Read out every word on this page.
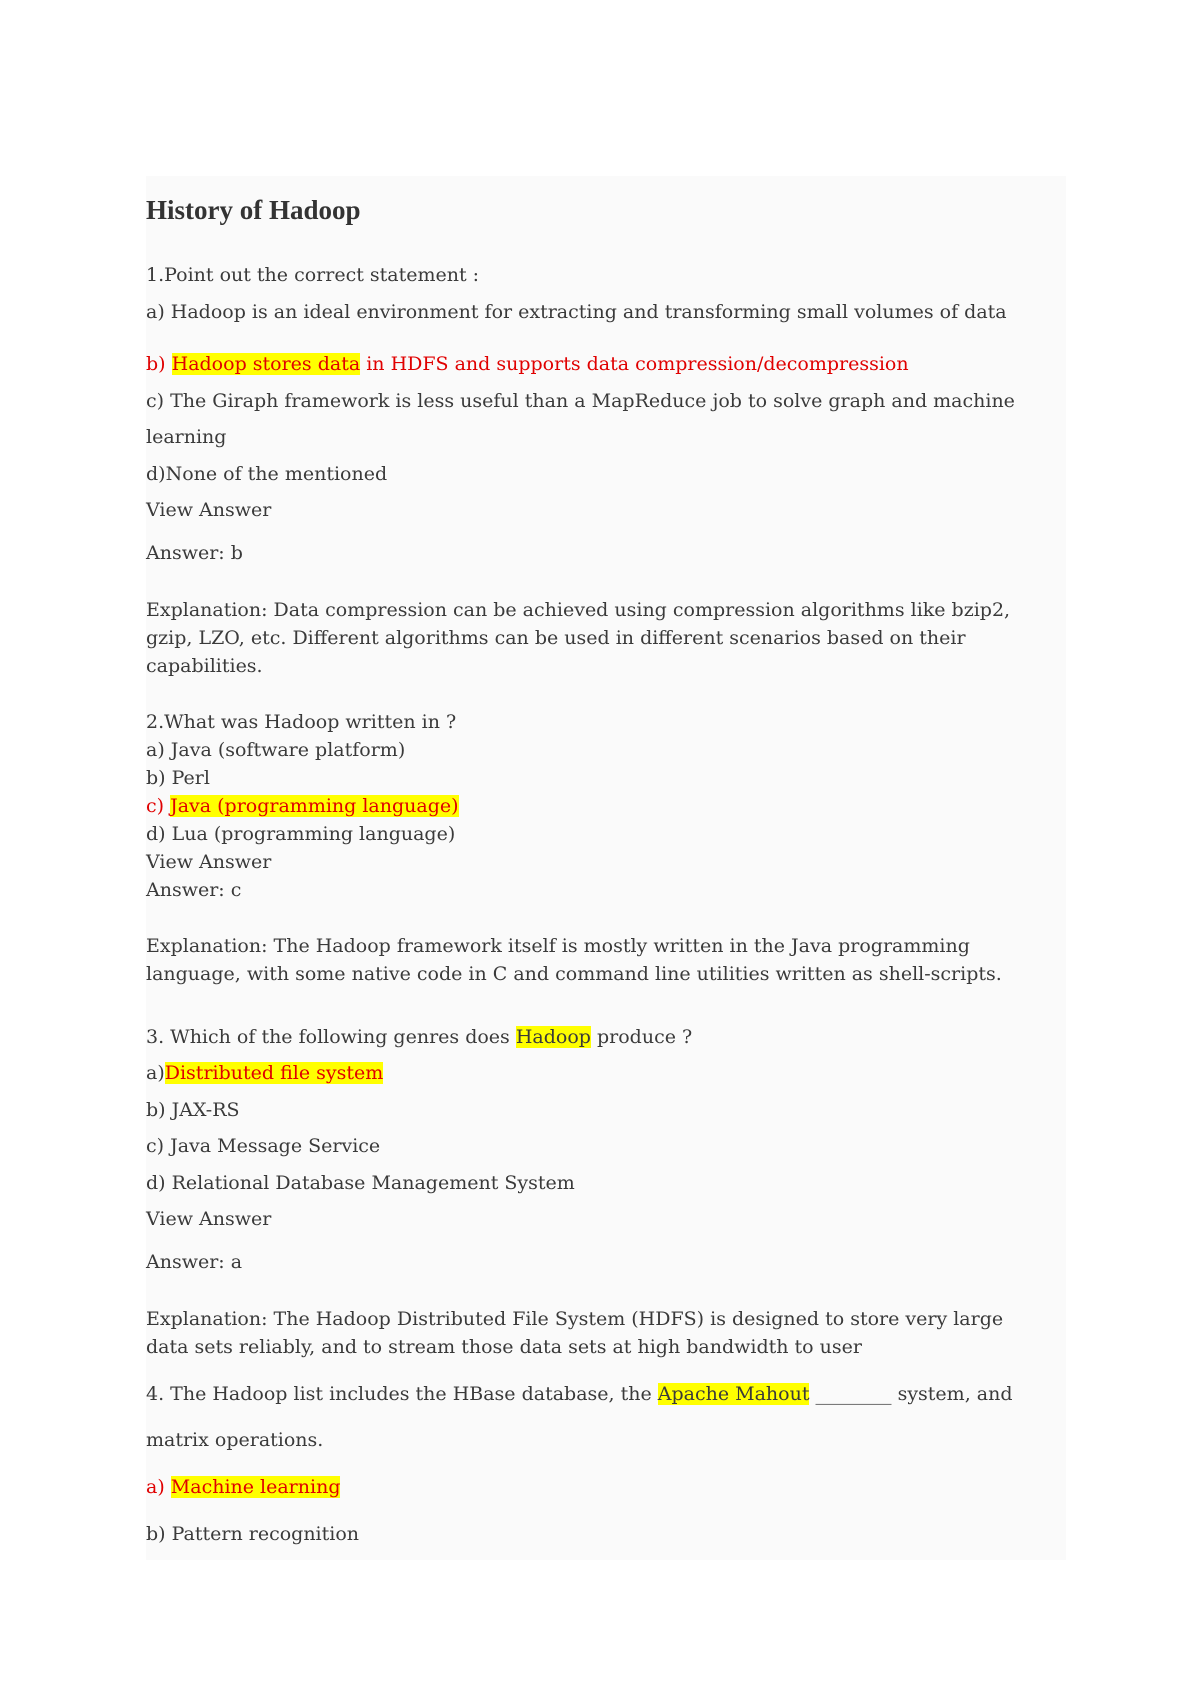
History of Hadoop
1.Point out the correct statement :
a) Hadoop is an ideal environment for extracting and transforming small volumes of data
b) Hadoop stores data in HDFS and supports data compression/decompression
c) The Giraph framework is less useful than a MapReduce job to solve graph and machine
learning
d)None of the mentioned
View Answer
Answer: b
Explanation: Data compression can be achieved using compression algorithms like bzip2,
gzip, LZO, etc. Different algorithms can be used in different scenarios based on their
capabilities.
2.What was Hadoop written in ?
a) Java (software platform)
b) Perl
c) Java (programming language)
d) Lua (programming language)
View Answer
Answer: c
Explanation: The Hadoop framework itself is mostly written in the Java programming
language, with some native code in C and command line utilities written as shell-scripts.
3. Which of the following genres does Hadoop produce ?
a)Distributed file system
b) JAX-RS
c) Java Message Service
d) Relational Database Management System
View Answer
Answer: a
Explanation: The Hadoop Distributed File System (HDFS) is designed to store very large
data sets reliably, and to stream those data sets at high bandwidth to user
4. The Hadoop list includes the HBase database, the Apache Mahout ________ system, and
matrix operations.
a) Machine learning
b) Pattern recognition
